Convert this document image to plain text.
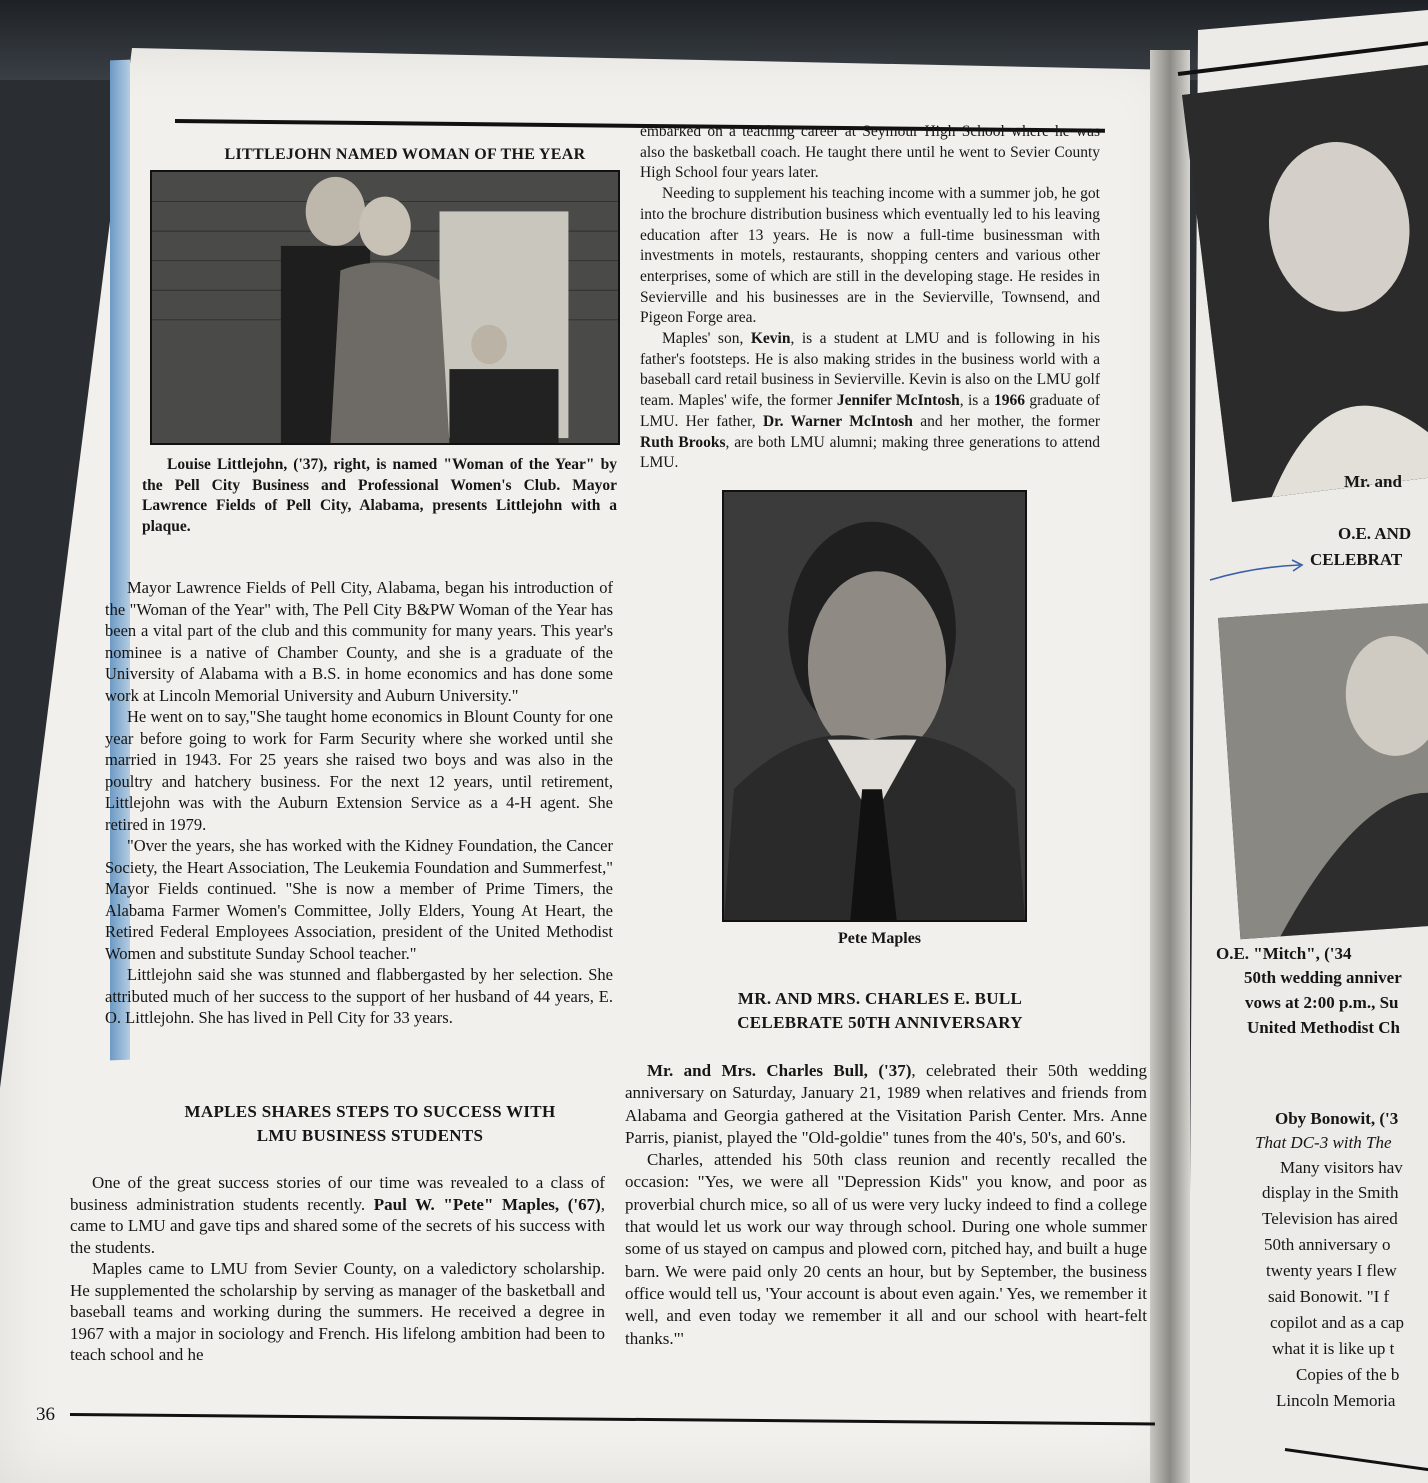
LITTLEJOHN NAMED WOMAN OF THE YEAR
Louise Littlejohn, ('37), right, is named "Woman of the Year" by the Pell City Business and Professional Women's Club. Mayor Lawrence Fields of Pell City, Alabama, presents Littlejohn with a plaque.

Mayor Lawrence Fields of Pell City, Alabama, began his introduction of the "Woman of the Year" with, The Pell City B&PW Woman of the Year has been a vital part of the club and this community for many years. This year's nominee is a native of Chamber County, and she is a graduate of the University of Alabama with a B.S. in home economics and has done some work at Lincoln Memorial University and Auburn University."

He went on to say,"She taught home economics in Blount County for one year before going to work for Farm Security where she worked until she married in 1943. For 25 years she raised two boys and was also in the poultry and hatchery business. For the next 12 years, until retirement, Littlejohn was with the Auburn Extension Service as a 4-H agent. She retired in 1979.

"Over the years, she has worked with the Kidney Foundation, the Cancer Society, the Heart Association, The Leukemia Foundation and Summerfest," Mayor Fields continued. "She is now a member of Prime Timers, the Alabama Farmer Women's Committee, Jolly Elders, Young At Heart, the Retired Federal Employees Association, president of the United Methodist Women and substitute Sunday School teacher."

Littlejohn said she was stunned and flabbergasted by her selection. She attributed much of her success to the support of her husband of 44 years, E. O. Littlejohn. She has lived in Pell City for 33 years.

MAPLES SHARES STEPS TO SUCCESS WITH
LMU BUSINESS STUDENTS

One of the great success stories of our time was revealed to a class of business administration students recently. Paul W. "Pete" Maples, ('67), came to LMU and gave tips and shared some of the secrets of his success with the students.

Maples came to LMU from Sevier County, on a valedictory scholarship. He supplemented the scholarship by serving as manager of the basketball and baseball teams and working during the summers. He received a degree in 1967 with a major in sociology and French. His lifelong ambition had been to teach school and he

embarked on a teaching career at Seymour High School where he was also the basketball coach. He taught there until he went to Sevier County High School four years later.

Needing to supplement his teaching income with a summer job, he got into the brochure distribution business which eventually led to his leaving education after 13 years. He is now a full-time businessman with investments in motels, restaurants, shopping centers and various other enterprises, some of which are still in the developing stage. He resides in Sevierville and his businesses are in the Sevierville, Townsend, and Pigeon Forge area.

Maples' son, Kevin, is a student at LMU and is following in his father's footsteps. He is also making strides in the business world with a baseball card retail business in Sevierville. Kevin is also on the LMU golf team. Maples' wife, the former Jennifer McIntosh, is a 1966 graduate of LMU. Her father, Dr. Warner McIntosh and her mother, the former Ruth Brooks, are both LMU alumni; making three generations to attend LMU.

Pete Maples
MR. AND MRS. CHARLES E. BULL
CELEBRATE 50TH ANNIVERSARY

Mr. and Mrs. Charles Bull, ('37), celebrated their 50th wedding anniversary on Saturday, January 21, 1989 when relatives and friends from Alabama and Georgia gathered at the Visitation Parish Center. Mrs. Anne Parris, pianist, played the "Old-goldie" tunes from the 40's, 50's, and 60's.

Charles, attended his 50th class reunion and recently recalled the occasion: "Yes, we were all "Depression Kids" you know, and poor as proverbial church mice, so all of us were very lucky indeed to find a college that would let us work our way through school. During one whole summer some of us stayed on campus and plowed corn, pitched hay, and built a huge barn. We were paid only 20 cents an hour, but by September, the business office would tell us, 'Your account is about even again.' Yes, we remember it well, and even today we remember it all and our school with heart-felt thanks."'

36
Mr. and
O.E. AND
CELEBRAT
O.E. "Mitch", ('34
50th wedding anniver
vows at 2:00 p.m., Su
United Methodist Ch
Oby Bonowit, ('3
That DC-3 with The
Many visitors hav
display in the Smith
Television has aired
50th anniversary o
twenty years I flew
said Bonowit. "I f
copilot and as a cap
what it is like up t
Copies of the b
Lincoln Memoria
